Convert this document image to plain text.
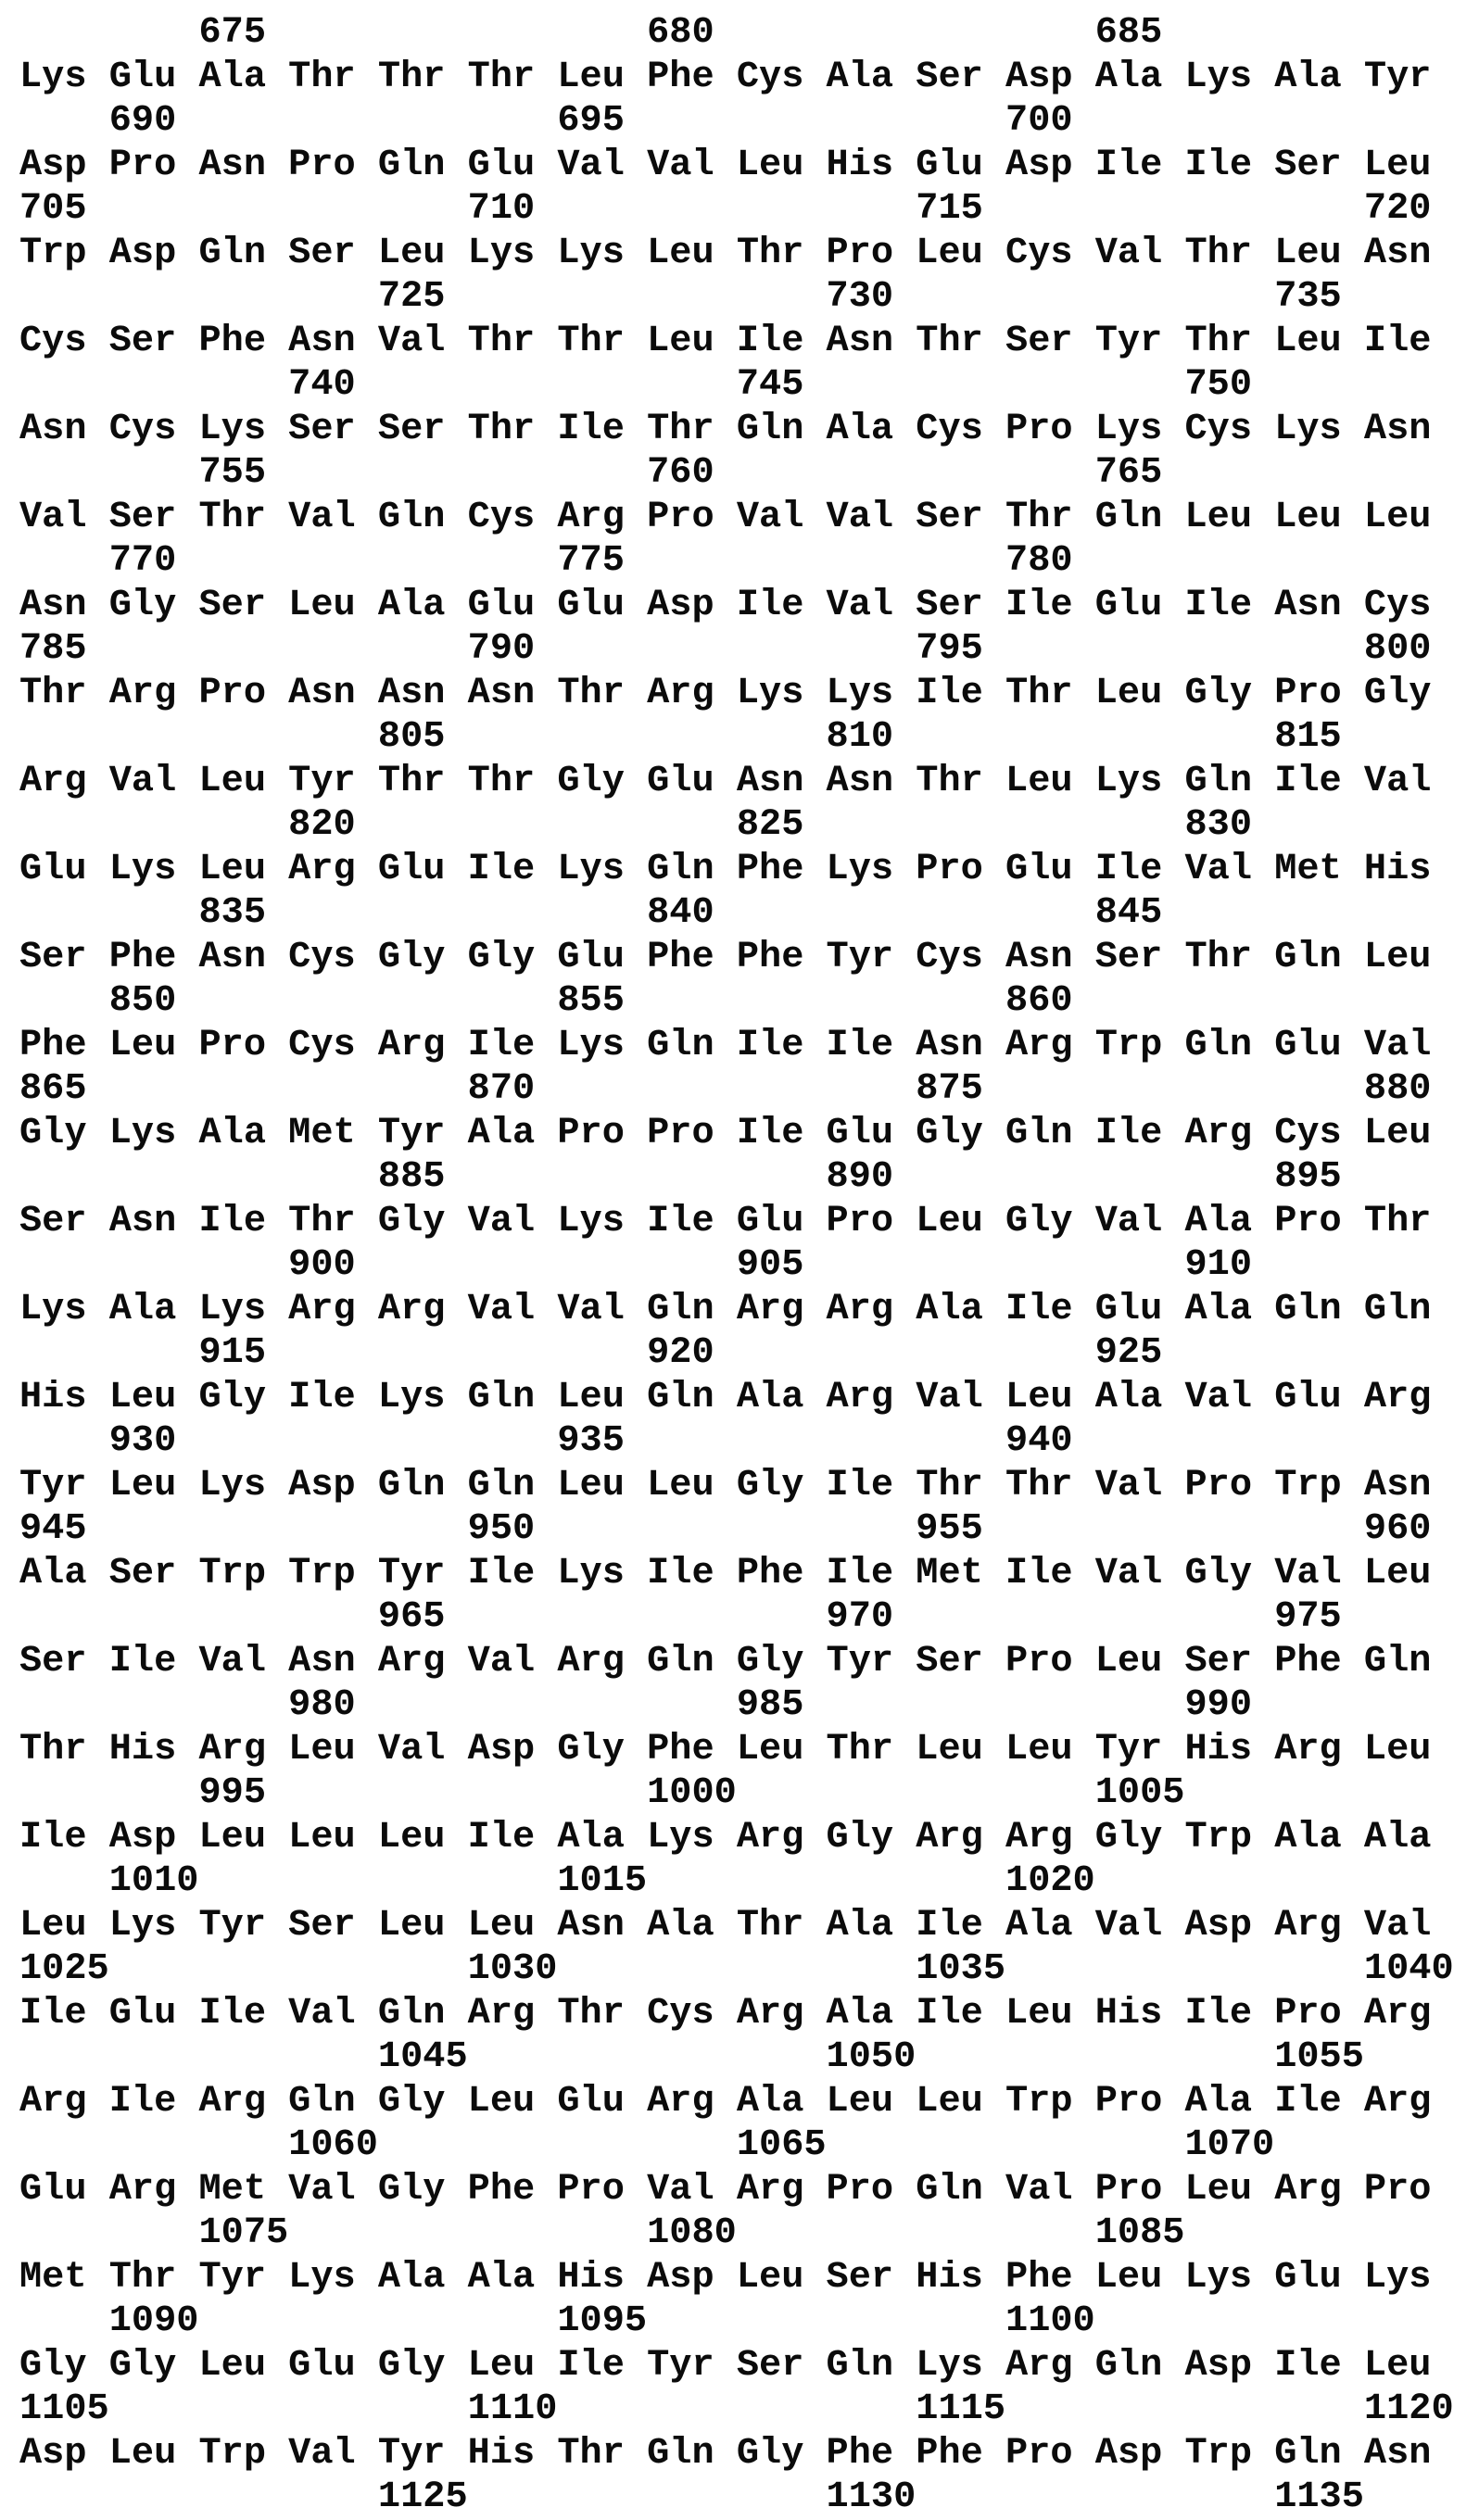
675                 680                 685
Lys Glu Ala Thr Thr Thr Leu Phe Cys Ala Ser Asp Ala Lys Ala Tyr
690                 695                 700
Asp Pro Asn Pro Gln Glu Val Val Leu His Glu Asp Ile Ile Ser Leu
705                 710                 715                 720
Trp Asp Gln Ser Leu Lys Lys Leu Thr Pro Leu Cys Val Thr Leu Asn
725                 730                 735
Cys Ser Phe Asn Val Thr Thr Leu Ile Asn Thr Ser Tyr Thr Leu Ile
740                 745                 750
Asn Cys Lys Ser Ser Thr Ile Thr Gln Ala Cys Pro Lys Cys Lys Asn
755                 760                 765
Val Ser Thr Val Gln Cys Arg Pro Val Val Ser Thr Gln Leu Leu Leu
770                 775                 780
Asn Gly Ser Leu Ala Glu Glu Asp Ile Val Ser Ile Glu Ile Asn Cys
785                 790                 795                 800
Thr Arg Pro Asn Asn Asn Thr Arg Lys Lys Ile Thr Leu Gly Pro Gly
805                 810                 815
Arg Val Leu Tyr Thr Thr Gly Glu Asn Asn Thr Leu Lys Gln Ile Val
820                 825                 830
Glu Lys Leu Arg Glu Ile Lys Gln Phe Lys Pro Glu Ile Val Met His
835                 840                 845
Ser Phe Asn Cys Gly Gly Glu Phe Phe Tyr Cys Asn Ser Thr Gln Leu
850                 855                 860
Phe Leu Pro Cys Arg Ile Lys Gln Ile Ile Asn Arg Trp Gln Glu Val
865                 870                 875                 880
Gly Lys Ala Met Tyr Ala Pro Pro Ile Glu Gly Gln Ile Arg Cys Leu
885                 890                 895
Ser Asn Ile Thr Gly Val Lys Ile Glu Pro Leu Gly Val Ala Pro Thr
900                 905                 910
Lys Ala Lys Arg Arg Val Val Gln Arg Arg Ala Ile Glu Ala Gln Gln
915                 920                 925
His Leu Gly Ile Lys Gln Leu Gln Ala Arg Val Leu Ala Val Glu Arg
930                 935                 940
Tyr Leu Lys Asp Gln Gln Leu Leu Gly Ile Thr Thr Val Pro Trp Asn
945                 950                 955                 960
Ala Ser Trp Trp Tyr Ile Lys Ile Phe Ile Met Ile Val Gly Val Leu
965                 970                 975
Ser Ile Val Asn Arg Val Arg Gln Gly Tyr Ser Pro Leu Ser Phe Gln
980                 985                 990
Thr His Arg Leu Val Asp Gly Phe Leu Thr Leu Leu Tyr His Arg Leu
995                 1000                1005
Ile Asp Leu Leu Leu Ile Ala Lys Arg Gly Arg Arg Gly Trp Ala Ala
1010                1015                1020
Leu Lys Tyr Ser Leu Leu Asn Ala Thr Ala Ile Ala Val Asp Arg Val
1025                1030                1035                1040
Ile Glu Ile Val Gln Arg Thr Cys Arg Ala Ile Leu His Ile Pro Arg
1045                1050                1055
Arg Ile Arg Gln Gly Leu Glu Arg Ala Leu Leu Trp Pro Ala Ile Arg
1060                1065                1070
Glu Arg Met Val Gly Phe Pro Val Arg Pro Gln Val Pro Leu Arg Pro
1075                1080                1085
Met Thr Tyr Lys Ala Ala His Asp Leu Ser His Phe Leu Lys Glu Lys
1090                1095                1100
Gly Gly Leu Glu Gly Leu Ile Tyr Ser Gln Lys Arg Gln Asp Ile Leu
1105                1110                1115                1120
Asp Leu Trp Val Tyr His Thr Gln Gly Phe Phe Pro Asp Trp Gln Asn
1125                1130                1135
